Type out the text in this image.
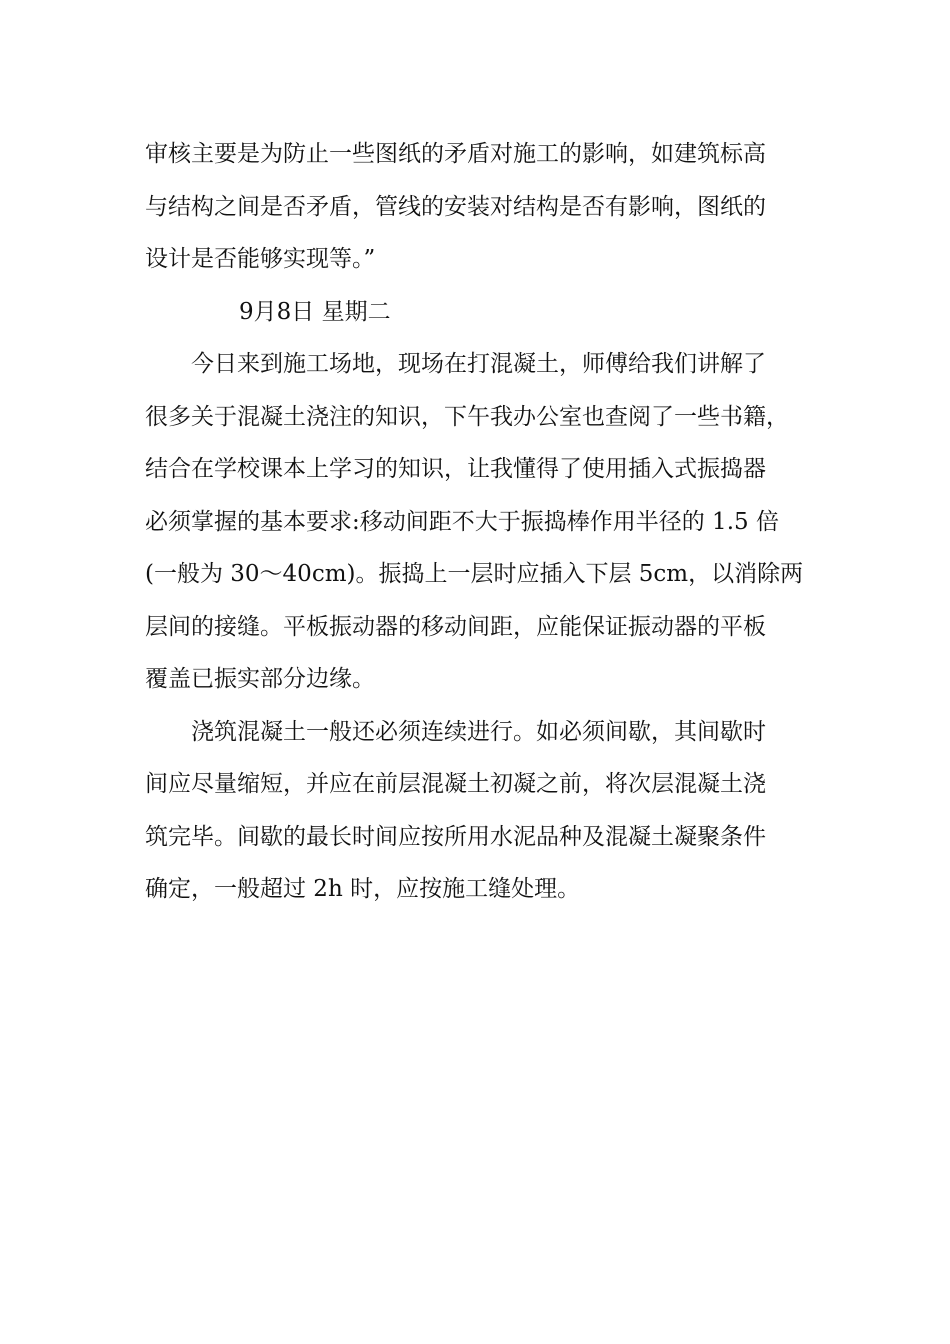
审核主要是为防止一些图纸的矛盾对施工的影响，如建筑标高
与结构之间是否矛盾，管线的安装对结构是否有影响，图纸的
设计是否能够实现等。”
9月8日 星期二
今日来到施工场地，现场在打混凝土，师傅给我们讲解了
很多关于混凝土浇注的知识，下午我办公室也查阅了一些书籍，
结合在学校课本上学习的知识，让我懂得了使用插入式振捣器
必须掌握的基本要求:移动间距不大于振捣棒作用半径的 1.5 倍
(一般为 30～40cm)。振捣上一层时应插入下层 5cm，以消除两
层间的接缝。平板振动器的移动间距，应能保证振动器的平板
覆盖已振实部分边缘。
浇筑混凝土一般还必须连续进行。如必须间歇，其间歇时
间应尽量缩短，并应在前层混凝土初凝之前，将次层混凝土浇
筑完毕。间歇的最长时间应按所用水泥品种及混凝土凝聚条件
确定，一般超过 2h 时，应按施工缝处理。
